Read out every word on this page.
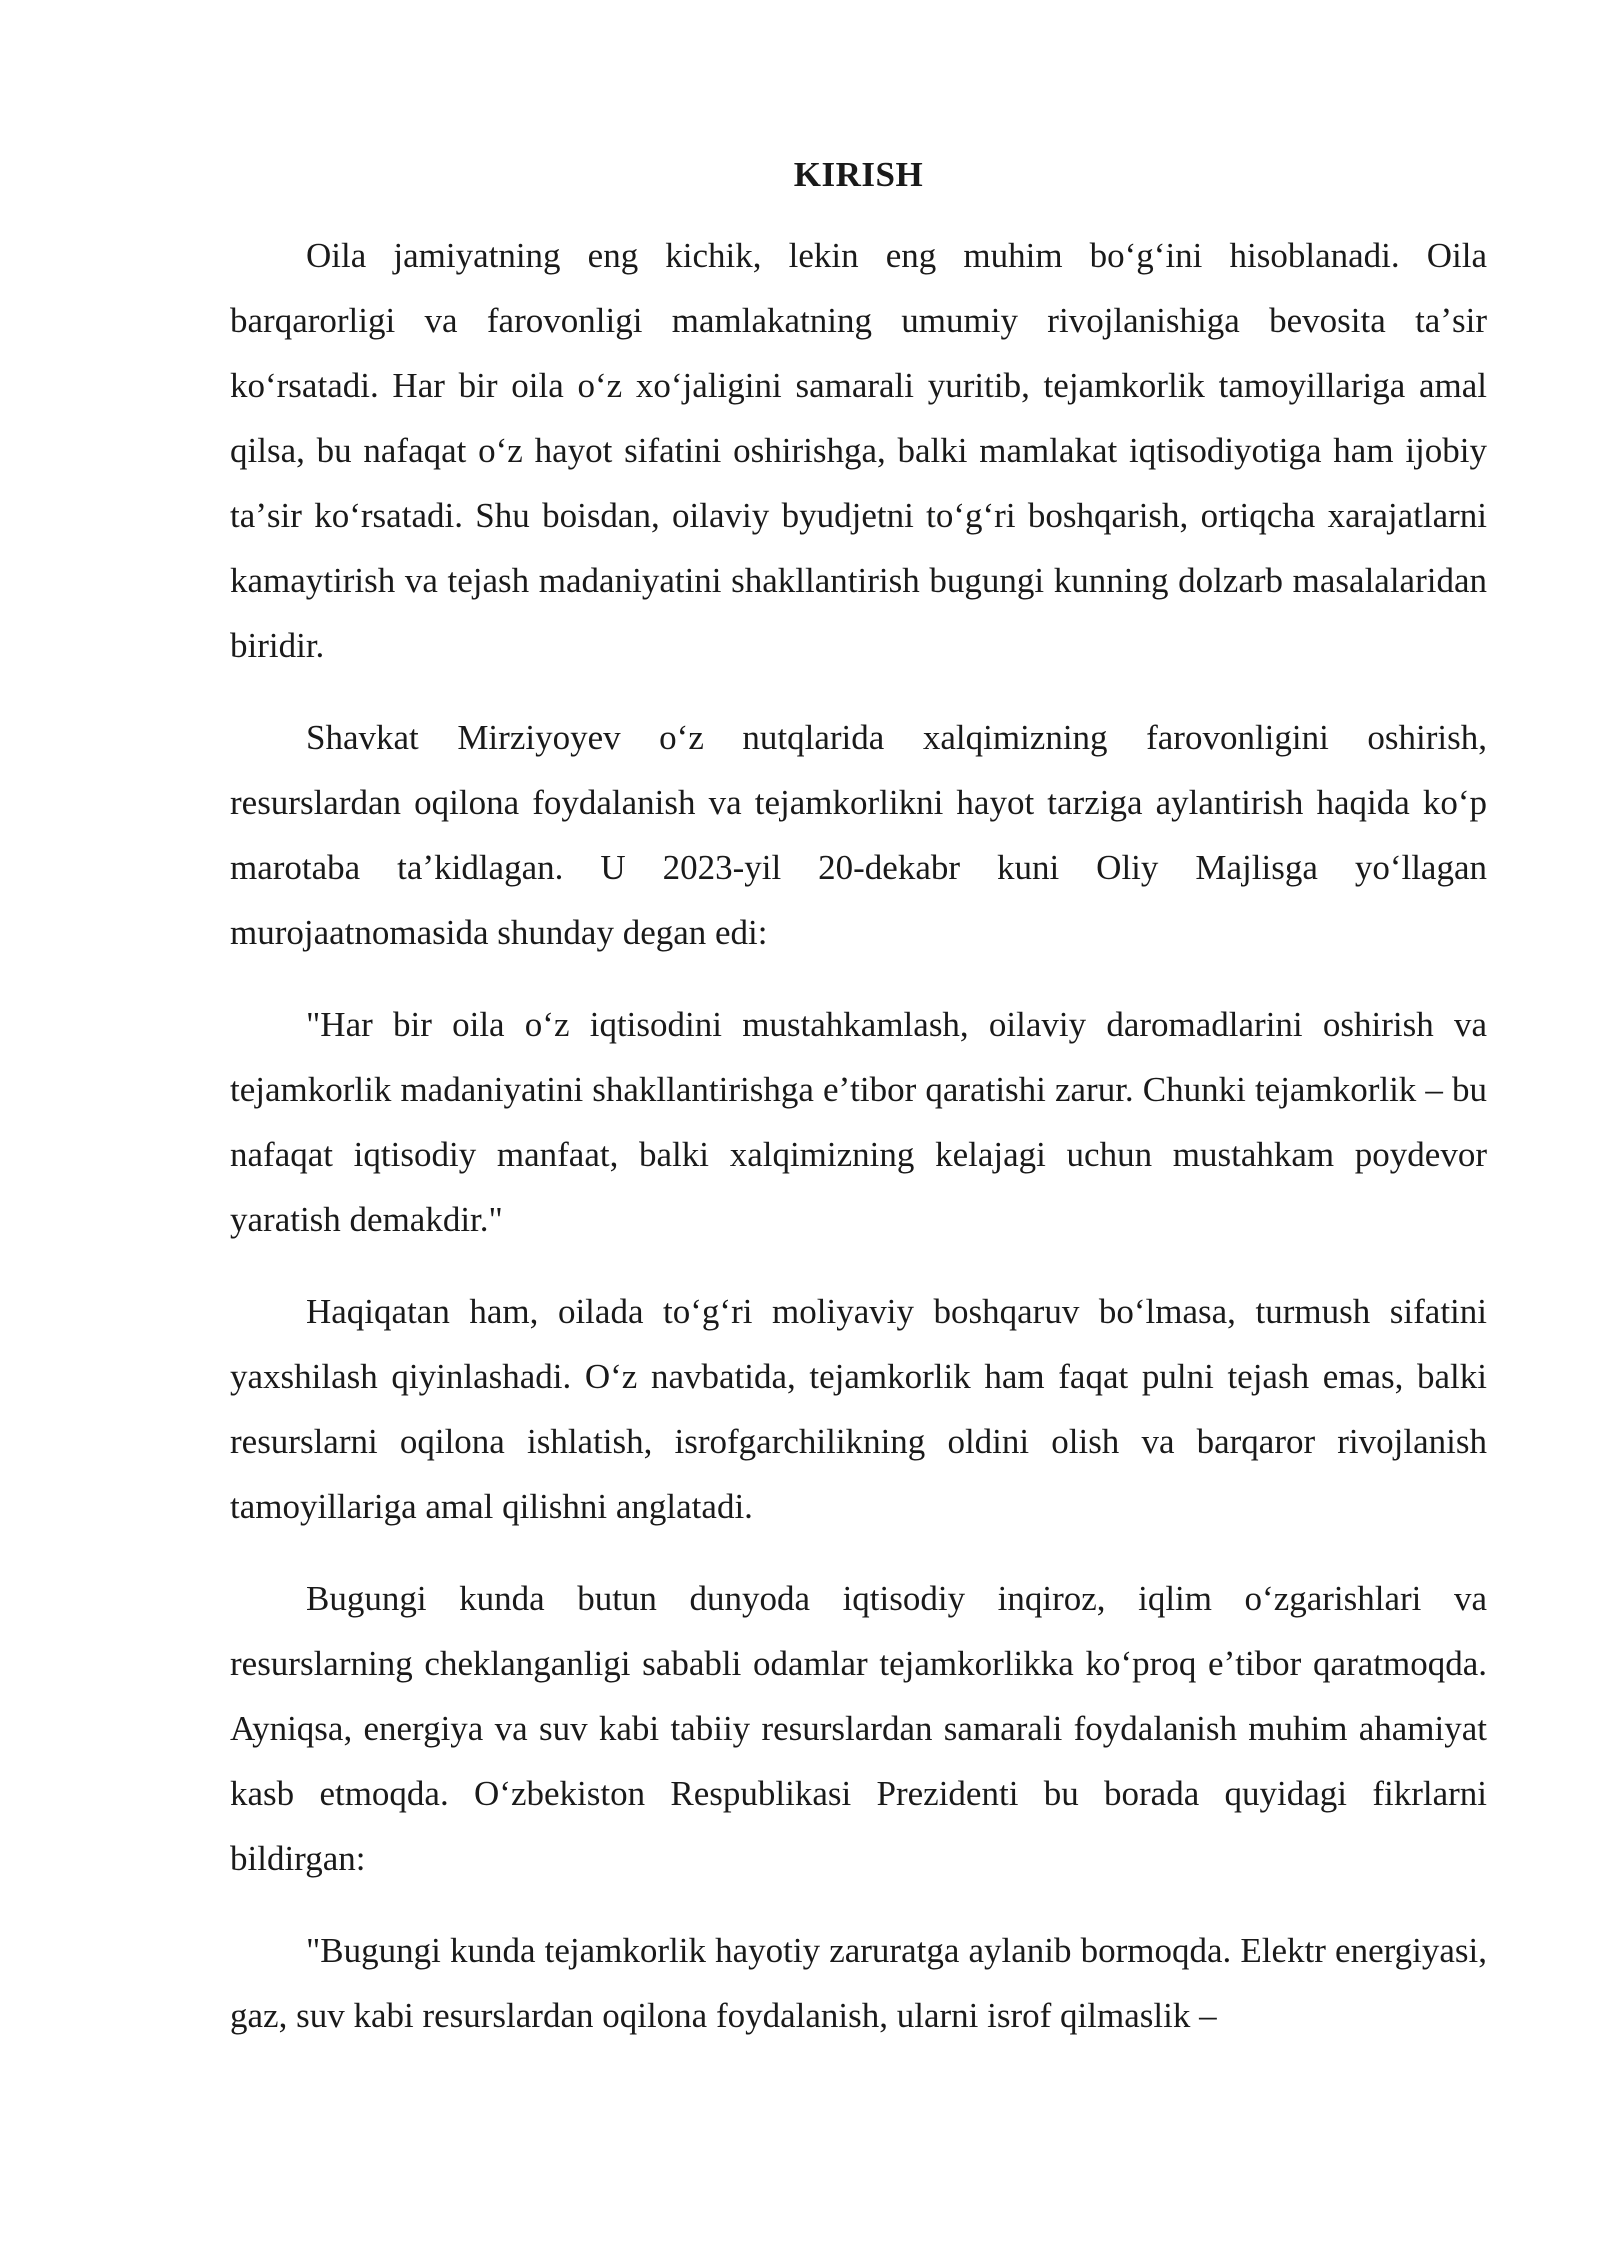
KIRISH

Oila jamiyatning eng kichik, lekin eng muhim boʻgʻini hisoblanadi. Oila barqarorligi va farovonligi mamlakatning umumiy rivojlanishiga bevosita taʼsir koʻrsatadi. Har bir oila oʻz xoʻjaligini samarali yuritib, tejamkorlik tamoyillariga amal qilsa, bu nafaqat oʻz hayot sifatini oshirishga, balki mamlakat iqtisodiyotiga ham ijobiy taʼsir koʻrsatadi. Shu boisdan, oilaviy byudjetni toʻgʻri boshqarish, ortiqcha xarajatlarni kamaytirish va tejash madaniyatini shakllantirish bugungi kunning dolzarb masalalaridan biridir.

Shavkat Mirziyoyev oʻz nutqlarida xalqimizning farovonligini oshirish, resurslardan oqilona foydalanish va tejamkorlikni hayot tarziga aylantirish haqida koʻp marotaba taʼkidlagan. U 2023-yil 20-dekabr kuni Oliy Majlisga yoʻllagan murojaatnomasida shunday degan edi:

"Har bir oila oʻz iqtisodini mustahkamlash, oilaviy daromadlarini oshirish va tejamkorlik madaniyatini shakllantirishga eʼtibor qaratishi zarur. Chunki tejamkorlik – bu nafaqat iqtisodiy manfaat, balki xalqimizning kelajagi uchun mustahkam poydevor yaratish demakdir."

Haqiqatan ham, oilada toʻgʻri moliyaviy boshqaruv boʻlmasa, turmush sifatini yaxshilash qiyinlashadi. Oʻz navbatida, tejamkorlik ham faqat pulni tejash emas, balki resurslarni oqilona ishlatish, isrofgarchilikning oldini olish va barqaror rivojlanish tamoyillariga amal qilishni anglatadi.

Bugungi kunda butun dunyoda iqtisodiy inqiroz, iqlim oʻzgarishlari va resurslarning cheklanganligi sababli odamlar tejamkorlikka koʻproq eʼtibor qaratmoqda. Ayniqsa, energiya va suv kabi tabiiy resurslardan samarali foydalanish muhim ahamiyat kasb etmoqda. Oʻzbekiston Respublikasi Prezidenti bu borada quyidagi fikrlarni bildirgan:

"Bugungi kunda tejamkorlik hayotiy zaruratga aylanib bormoqda. Elektr energiyasi, gaz, suv kabi resurslardan oqilona foydalanish, ularni isrof qilmaslik –
